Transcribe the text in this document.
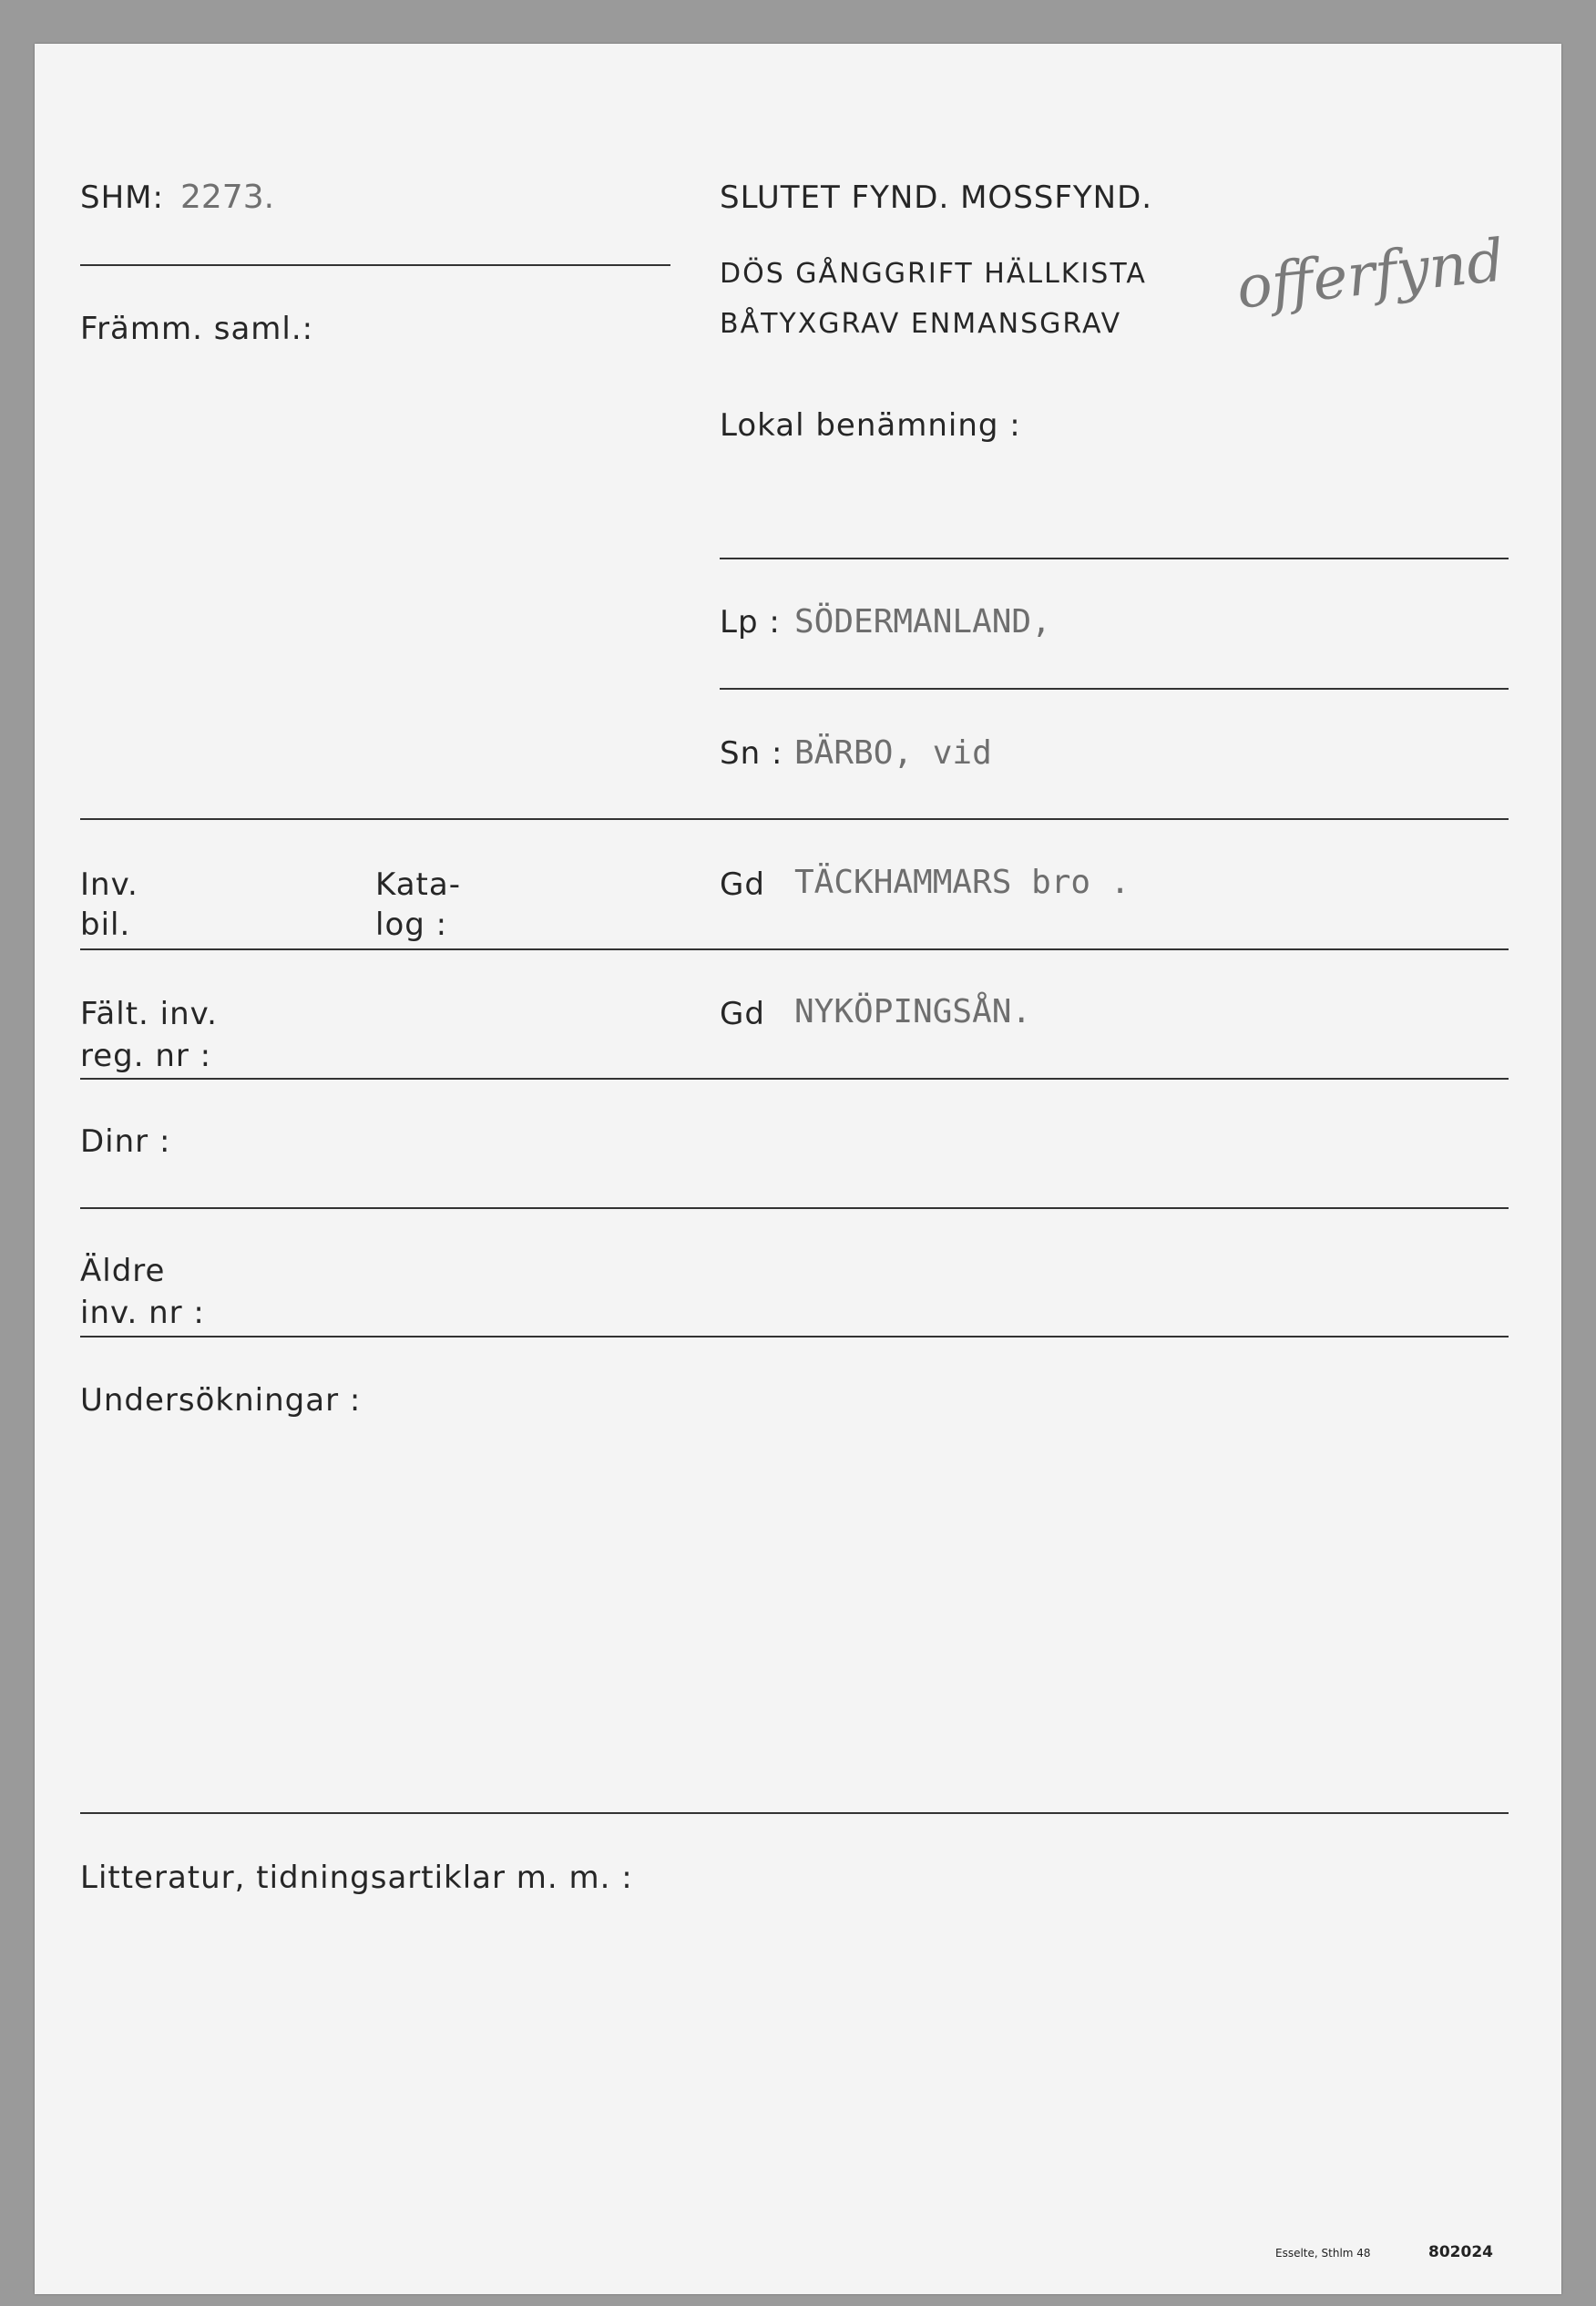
SHM: 2273.
Främm. saml.:
SLUTET FYND. MOSSFYND.
DÖS GÅNGGRIFT HÄLLKISTA
BÅTYXGRAV ENMANSGRAV
offerfynd
Lokal benämning :
Lp : SÖDERMANLAND,
Sn : BÄRBO, vid
Inv.
bil.
Kata-
log :
Gd TÄCKHAMMARS bro .
Fält. inv.
reg. nr :
Gd NYKÖPINGSÅN.
Dinr :
Äldre
inv. nr :
Undersökningar :
Litteratur, tidningsartiklar m. m. :
Esselte, Sthlm 48	802024
